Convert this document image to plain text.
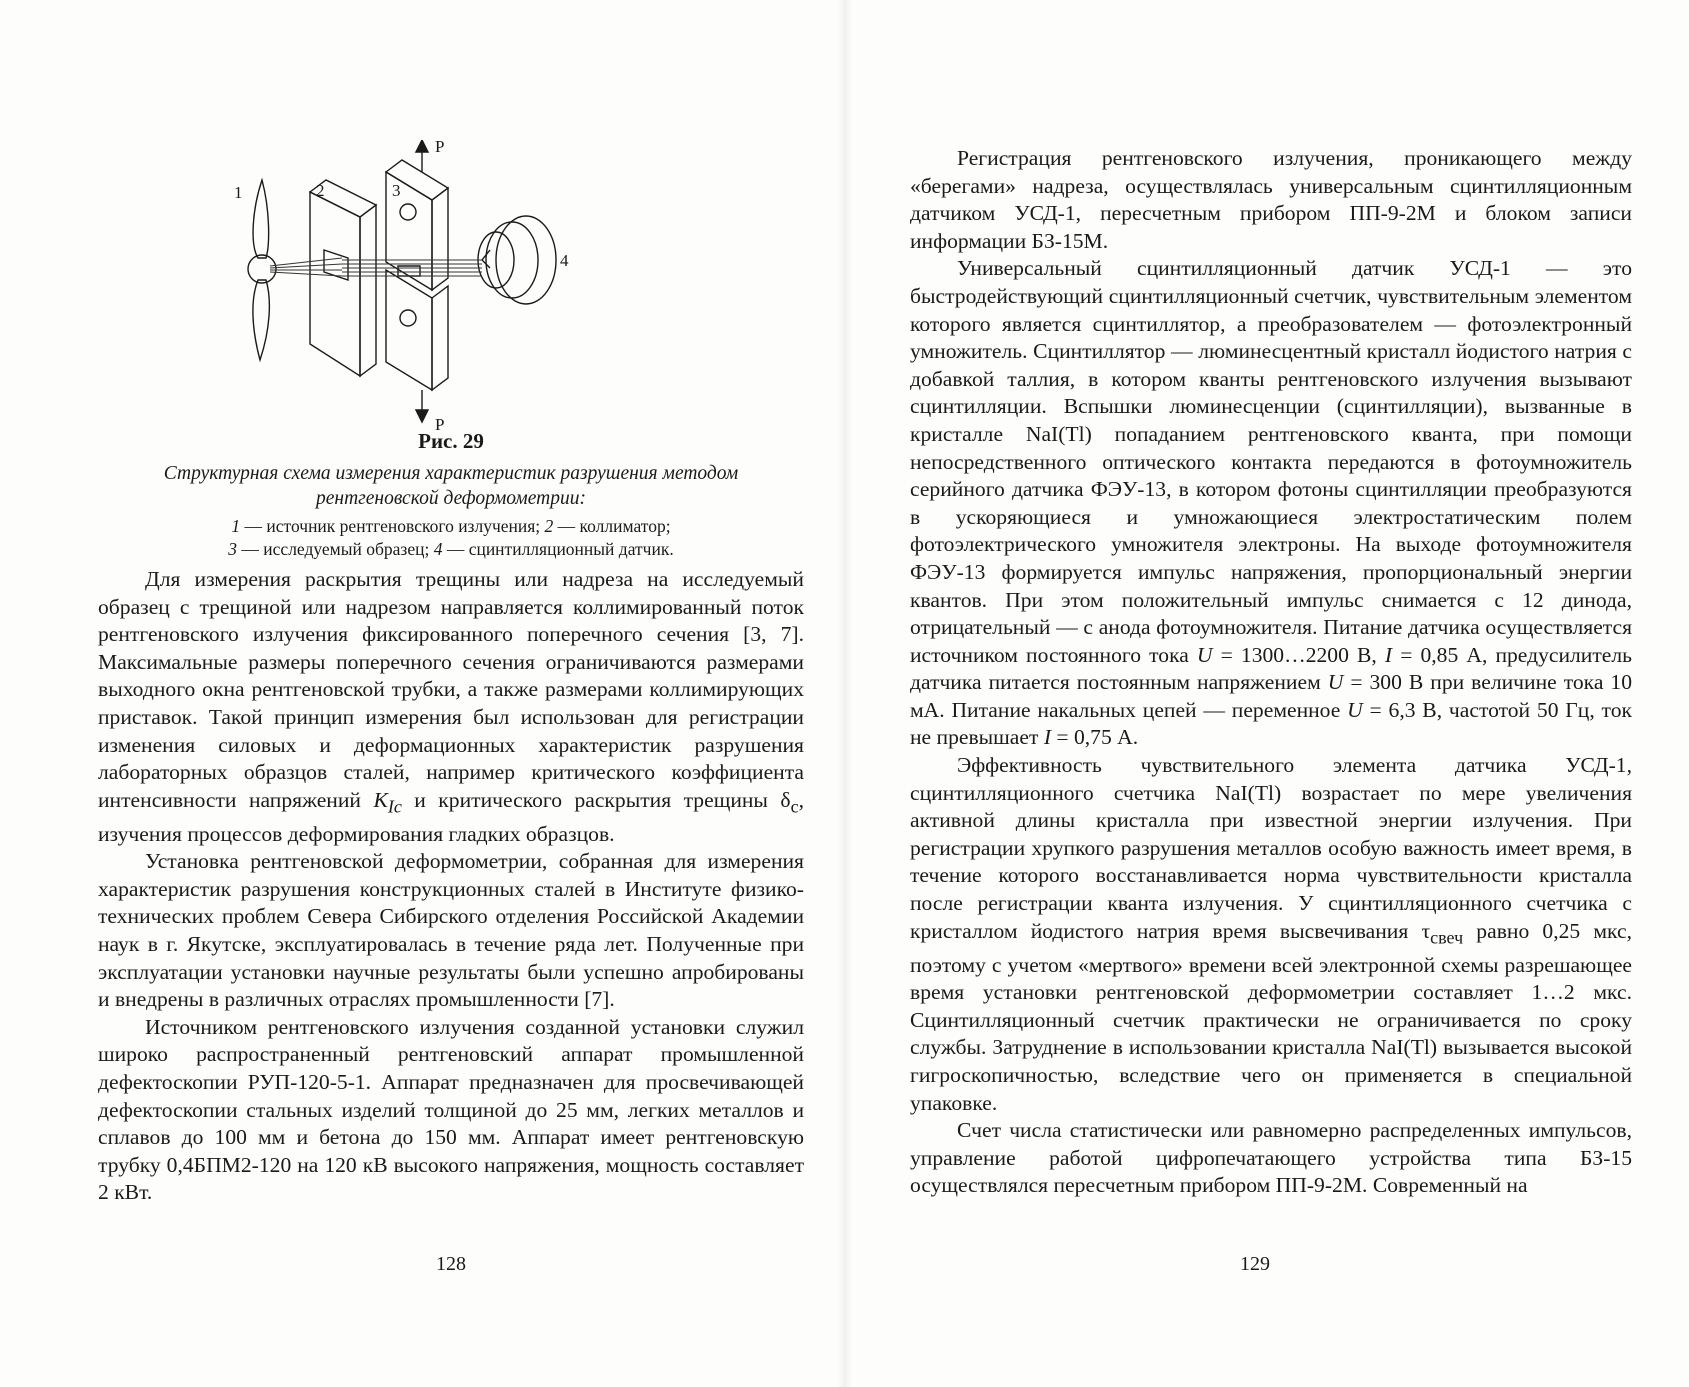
1	2	3
4
P
P
Рис. 29
Структурная схема измерения характеристик разрушения методом
рентгеновской деформометрии:
1 — источник рентгеновского излучения; 2 — коллиматор;
3 — исследуемый образец; 4 — сцинтилляционный датчик.

Для измерения раскрытия трещины или надреза на исследуемый образец с трещиной или надрезом направляется коллимированный поток рентгеновского излучения фиксированного поперечного сечения [3, 7]. Максимальные размеры поперечного сечения ограничиваются размерами выходного окна рентгеновской трубки, а также размерами коллимирующих приставок. Такой принцип измерения был использован для регистрации изменения силовых и деформационных характеристик разрушения лабораторных образцов сталей, например критического коэффициента интенсивности напряжений $K_{Ic}$ и критического раскрытия трещины $\delta_c$, изучения процессов деформирования гладких образцов.

Установка рентгеновской деформометрии, собранная для измерения характеристик разрушения конструкционных сталей в Институте физико-технических проблем Севера Сибирского отделения Российской Академии наук в г. Якутске, эксплуатировалась в течение ряда лет. Полученные при эксплуатации установки научные результаты были успешно апробированы и внедрены в различных отраслях промышленности [7].

Источником рентгеновского излучения созданной установки служил широко распространенный рентгеновский аппарат промышленной дефектоскопии РУП-120-5-1. Аппарат предназначен для просвечивающей дефектоскопии стальных изделий толщиной до 25 мм, легких металлов и сплавов до 100 мм и бетона до 150 мм. Аппарат имеет рентгеновскую трубку 0,4БПМ2-120 на 120 кВ высокого напряжения, мощность составляет 2 кВт.

128

Регистрация рентгеновского излучения, проникающего между «берегами» надреза, осуществлялась универсальным сцинтилляционным датчиком УСД-1, пересчетным прибором ПП-9-2М и блоком записи информации БЗ-15М.

Универсальный сцинтилляционный датчик УСД-1 — это быстродействующий сцинтилляционный счетчик, чувствительным элементом которого является сцинтиллятор, а преобразователем — фотоэлектронный умножитель. Сцинтиллятор — люминесцентный кристалл йодистого натрия с добавкой таллия, в котором кванты рентгеновского излучения вызывают сцинтилляции. Вспышки люминесценции (сцинтилляции), вызванные в кристалле NaI(Tl) попаданием рентгеновского кванта, при помощи непосредственного оптического контакта передаются в фотоумножитель серийного датчика ФЭУ-13, в котором фотоны сцинтилляции преобразуются в ускоряющиеся и умножающиеся электростатическим полем фотоэлектрического умножителя электроны. На выходе фотоумножителя ФЭУ-13 формируется импульс напряжения, пропорциональный энергии квантов. При этом положительный импульс снимается с 12 динода, отрицательный — с анода фотоумножителя. Питание датчика осуществляется источником постоянного тока U = 1300…2200 В, I = 0,85 А, предусилитель датчика питается постоянным напряжением U = 300 В при величине тока 10 мА. Питание накальных цепей — переменное U = 6,3 В, частотой 50 Гц, ток не превышает I = 0,75 А.

Эффективность чувствительного элемента датчика УСД-1, сцинтилляционного счетчика NaI(Tl) возрастает по мере увеличения активной длины кристалла при известной энергии излучения. При регистрации хрупкого разрушения металлов особую важность имеет время, в течение которого восстанавливается норма чувствительности кристалла после регистрации кванта излучения. У сцинтилляционного счетчика с кристаллом йодистого натрия время высвечивания $\tau_{свеч}$ равно 0,25 мкс, поэтому с учетом «мертвого» времени всей электронной схемы разрешающее время установки рентгеновской деформометрии составляет 1…2 мкс. Сцинтилляционный счетчик практически не ограничивается по сроку службы. Затруднение в использовании кристалла NaI(Tl) вызывается высокой гигроскопичностью, вследствие чего он применяется в специальной упаковке.

Счет числа статистически или равномерно распределенных импульсов, управление работой цифропечатающего устройства типа БЗ-15 осуществлялся пересчетным прибором ПП-9-2М. Современный на

129
